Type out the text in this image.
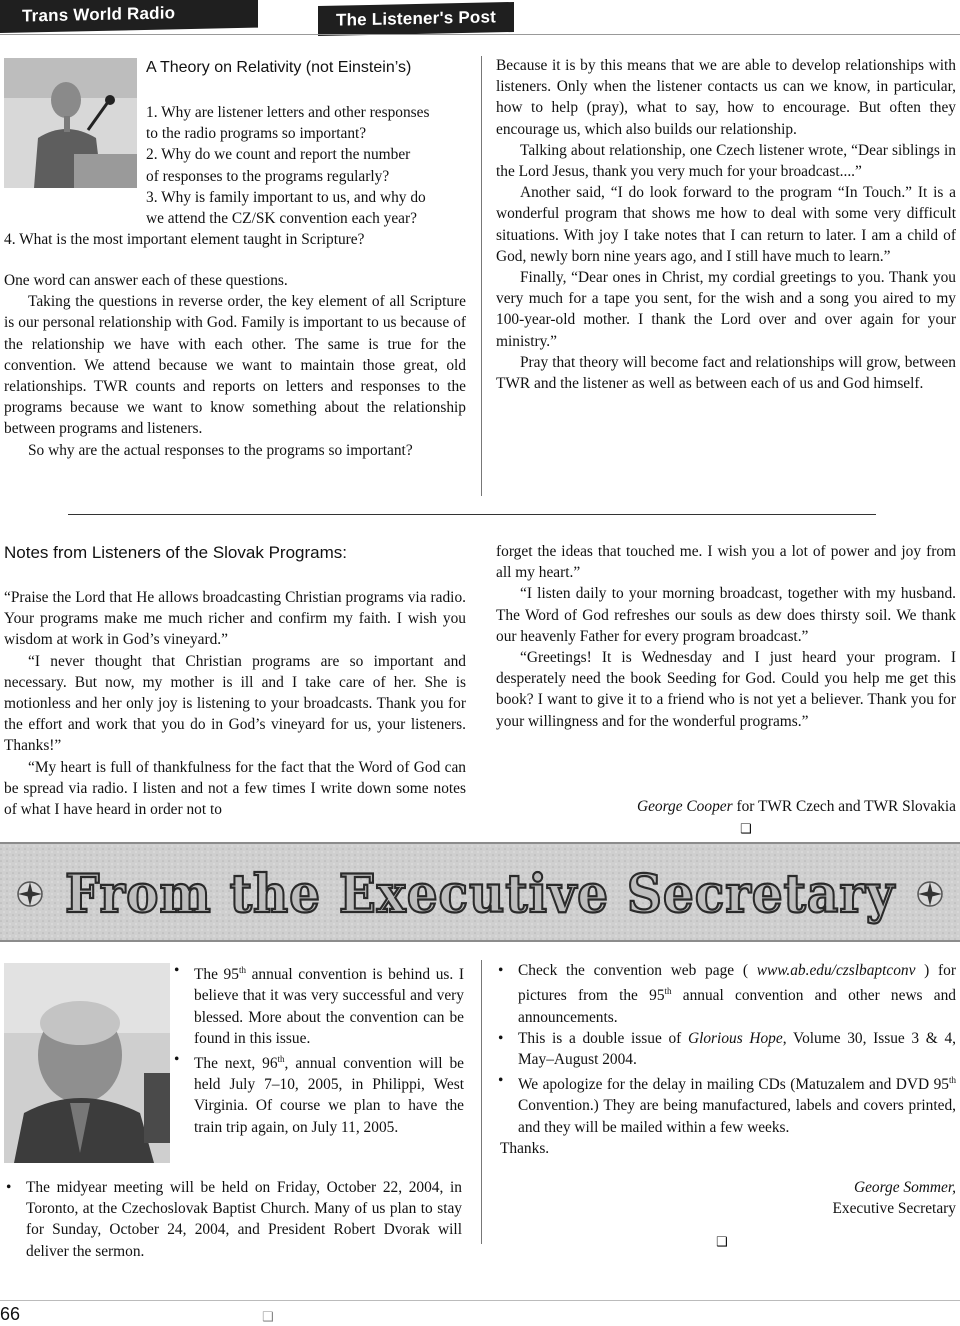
Trans World Radio	The Listener's Post
A Theory on Relativity (not Einstein’s)

1. Why are listener letters and other responses

to the radio programs so important?

2. Why do we count and report the number

of responses to the programs regularly?

3. Why is family important to us, and why do

we attend the CZ/SK convention each year?

4. What is the most important element taught in Scripture?

One word can answer each of these questions.

Taking the questions in reverse order, the key element of all Scripture is our personal relationship with God. Family is important to us because of the relationship we have with each other. The same is true for the convention. We attend because we want to maintain those great, old relationships. TWR counts and reports on letters and responses to the programs because we want to know something about the relationship between programs and listeners.

So why are the actual responses to the programs so important?

Because it is by this means that we are able to develop relationships with listeners. Only when the listener contacts us can we know, in particular, how to help (pray), what to say, how to encourage. But often they encourage us, which also builds our relationship.

Talking about relationship, one Czech listener wrote, “Dear siblings in the Lord Jesus, thank you very much for your broadcast....”

Another said, “I do look forward to the program “In Touch.” It is a wonderful program that shows me how to deal with some very difficult situations. With joy I take notes that I can return to later. I am a child of God, newly born nine years ago, and I still have much to learn.”

Finally, “Dear ones in Christ, my cordial greetings to you. Thank you very much for a tape you sent, for the wish and a song you aired to my 100-year-old mother. I thank the Lord over and over again for your ministry.”

Pray that theory will become fact and relationships will grow, between TWR and the listener as well as between each of us and God himself.

Notes from Listeners of the Slovak Programs:

“Praise the Lord that He allows broadcasting Christian programs via radio. Your programs make me much richer and confirm my faith. I wish you wisdom at work in God’s vineyard.”

“I never thought that Christian programs are so important and necessary. But now, my mother is ill and I take care of her. She is motionless and her only joy is listening to your broadcasts. Thank you for the effort and work that you do in God’s vineyard for us, your listeners. Thanks!”

“My heart is full of thankfulness for the fact that the Word of God can be spread via radio. I listen and not a few times I write down some notes of what I have heard in order not to

forget the ideas that touched me. I wish you a lot of power and joy from all my heart.”

“I listen daily to your morning broadcast, together with my husband. The Word of God refreshes our souls as dew does thirsty soil. We thank our heavenly Father for every program broadcast.”

“Greetings! It is Wednesday and I just heard your program. I desperately need the book Seeding for God. Could you help me get this book? I want to give it to a friend who is not yet a believer. Thank you for your willingness and for the wonderful programs.”

George Cooper for TWR Czech and TWR Slovakia
❑
From the Executive Secretary

• The 95th annual convention is behind us. I believe that it was very successful and very blessed. More about the convention can be found in this issue.

• The next, 96th, annual convention will be held July 7–10, 2005, in Philippi, West Virginia. Of course we plan to have the train trip again, on July 11, 2005.

• The midyear meeting will be held on Friday, October 22, 2004, in Toronto, at the Czechoslovak Baptist Church. Many of us plan to stay for Sunday, October 24, 2004, and President Robert Dvorak will deliver the sermon.

• Check the convention web page ( www.ab.edu/czslbaptconv ) for pictures from the 95th annual convention and other news and announcements.

• This is a double issue of Glorious Hope, Volume 30, Issue 3 & 4, May–August 2004.

• We apologize for the delay in mailing CDs (Matuzalem and DVD 95th Convention.) They are being manufactured, labels and covers printed, and they will be mailed within a few weeks.

Thanks.

George Sommer,

Executive Secretary

❑
66	❑
